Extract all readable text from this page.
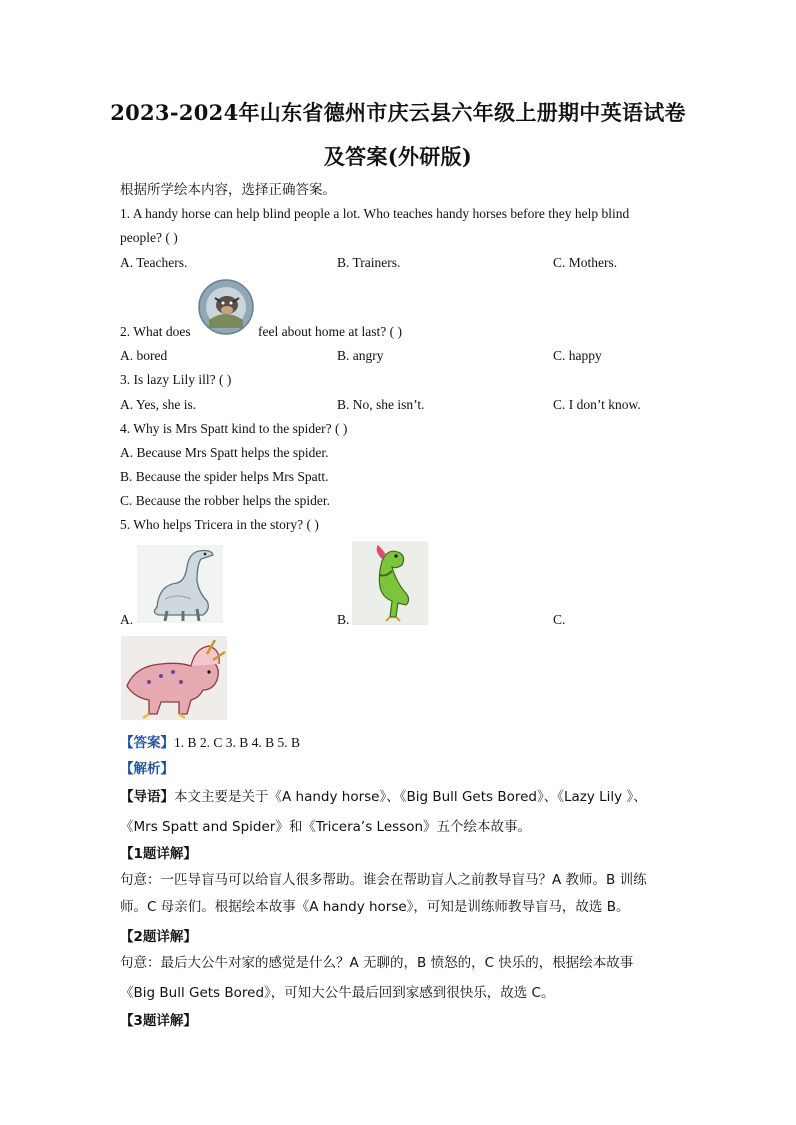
2023-2024年山东省德州市庆云县六年级上册期中英语试卷
及答案(外研版)
根据所学绘本内容，选择正确答案。
1. A handy horse can help blind people a lot. Who teaches handy horses before they help blind
people? ( )
A. Teachers.	B. Trainers.	C. Mothers.
2. What does	feel about home at last? ( )
A. bored	B. angry	C. happy
3. Is lazy Lily ill? ( )
A. Yes, she is.	B. No, she isn’t.	C. I don’t know.
4. Why is Mrs Spatt kind to the spider? ( )
A. Because Mrs Spatt helps the spider.
B. Because the spider helps Mrs Spatt.
C. Because the robber helps the spider.
5. Who helps Tricera in the story? ( )
A.	B.	C.
【答案】1. B 2. C 3. B 4. B 5. B
【解析】
【导语】本文主要是关于《A handy horse》、《Big Bull Gets Bored》、《Lazy Lily 》、
《Mrs Spatt and Spider》和《Tricera’s Lesson》五个绘本故事。
【1题详解】
句意：一匹导盲马可以给盲人很多帮助。谁会在帮助盲人之前教导盲马？A 教师。B 训练
师。C 母亲们。根据绘本故事《A handy horse》，可知是训练师教导盲马，故选 B。
【2题详解】
句意：最后大公牛对家的感觉是什么？A 无聊的，B 愤怒的，C 快乐的，根据绘本故事
《Big Bull Gets Bored》，可知大公牛最后回到家感到很快乐，故选 C。
【3题详解】
